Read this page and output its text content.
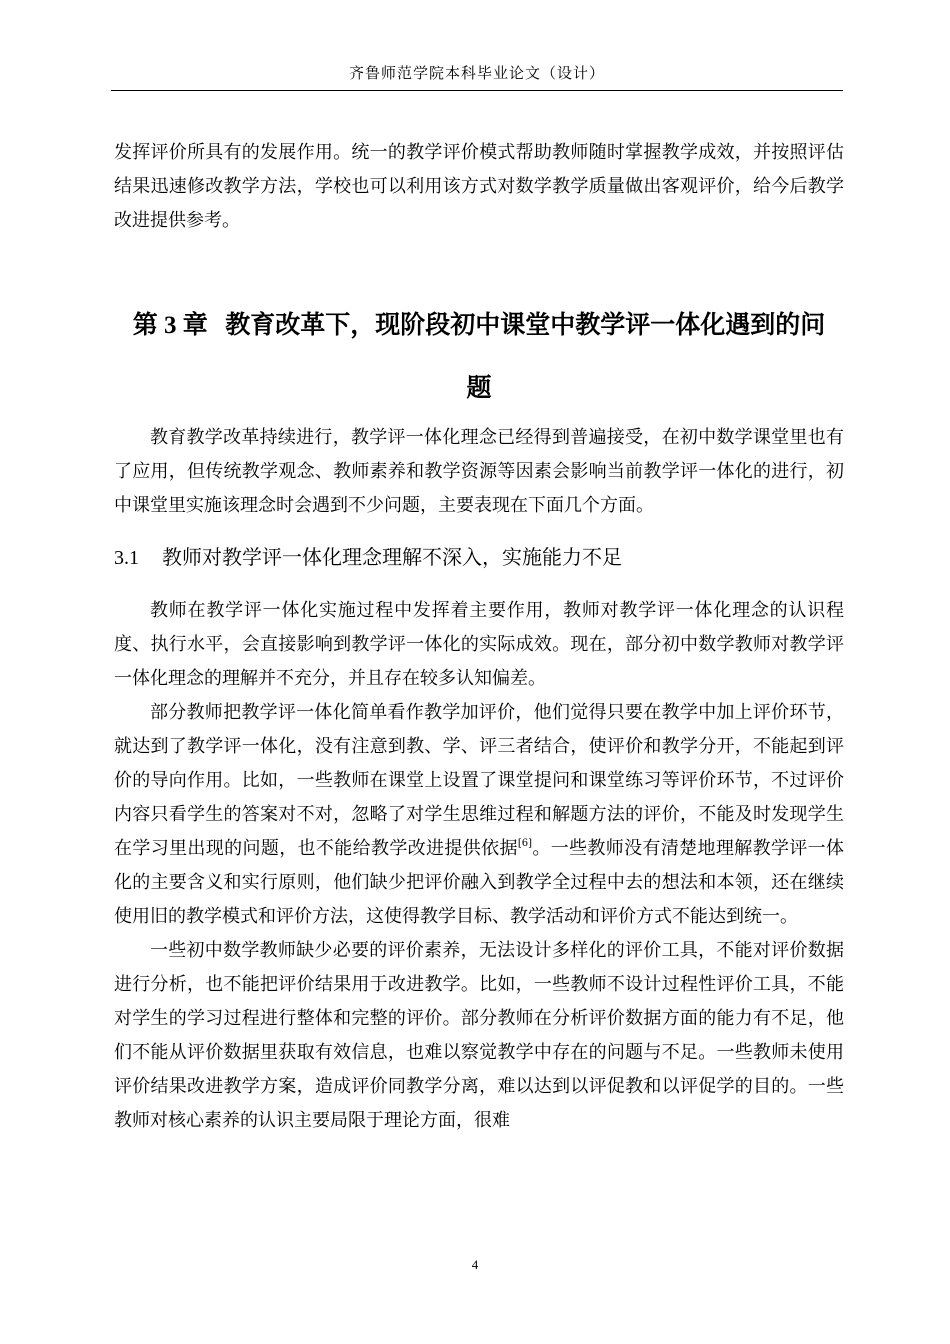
齐鲁师范学院本科毕业论文（设计）

发挥评价所具有的发展作用。统一的教学评价模式帮助教师随时掌握教学成效，并按照评估结果迅速修改教学方法，学校也可以利用该方式对数学教学质量做出客观评价，给今后教学改进提供参考。

第 3 章 教育改革下，现阶段初中课堂中教学评一体化遇到的问题

教育教学改革持续进行，教学评一体化理念已经得到普遍接受，在初中数学课堂里也有了应用，但传统教学观念、教师素养和教学资源等因素会影响当前教学评一体化的进行，初中课堂里实施该理念时会遇到不少问题，主要表现在下面几个方面。

3.1 教师对教学评一体化理念理解不深入，实施能力不足

教师在教学评一体化实施过程中发挥着主要作用，教师对教学评一体化理念的认识程度、执行水平，会直接影响到教学评一体化的实际成效。现在，部分初中数学教师对教学评一体化理念的理解并不充分，并且存在较多认知偏差。

部分教师把教学评一体化简单看作教学加评价，他们觉得只要在教学中加上评价环节，就达到了教学评一体化，没有注意到教、学、评三者结合，使评价和教学分开，不能起到评价的导向作用。比如，一些教师在课堂上设置了课堂提问和课堂练习等评价环节，不过评价内容只看学生的答案对不对，忽略了对学生思维过程和解题方法的评价，不能及时发现学生在学习里出现的问题，也不能给教学改进提供依据[6]。一些教师没有清楚地理解教学评一体化的主要含义和实行原则，他们缺少把评价融入到教学全过程中去的想法和本领，还在继续使用旧的教学模式和评价方法，这使得教学目标、教学活动和评价方式不能达到统一。

一些初中数学教师缺少必要的评价素养，无法设计多样化的评价工具，不能对评价数据进行分析，也不能把评价结果用于改进教学。比如，一些教师不设计过程性评价工具，不能对学生的学习过程进行整体和完整的评价。部分教师在分析评价数据方面的能力有不足，他们不能从评价数据里获取有效信息，也难以察觉教学中存在的问题与不足。一些教师未使用评价结果改进教学方案，造成评价同教学分离，难以达到以评促教和以评促学的目的。一些教师对核心素养的认识主要局限于理论方面，很难

4
